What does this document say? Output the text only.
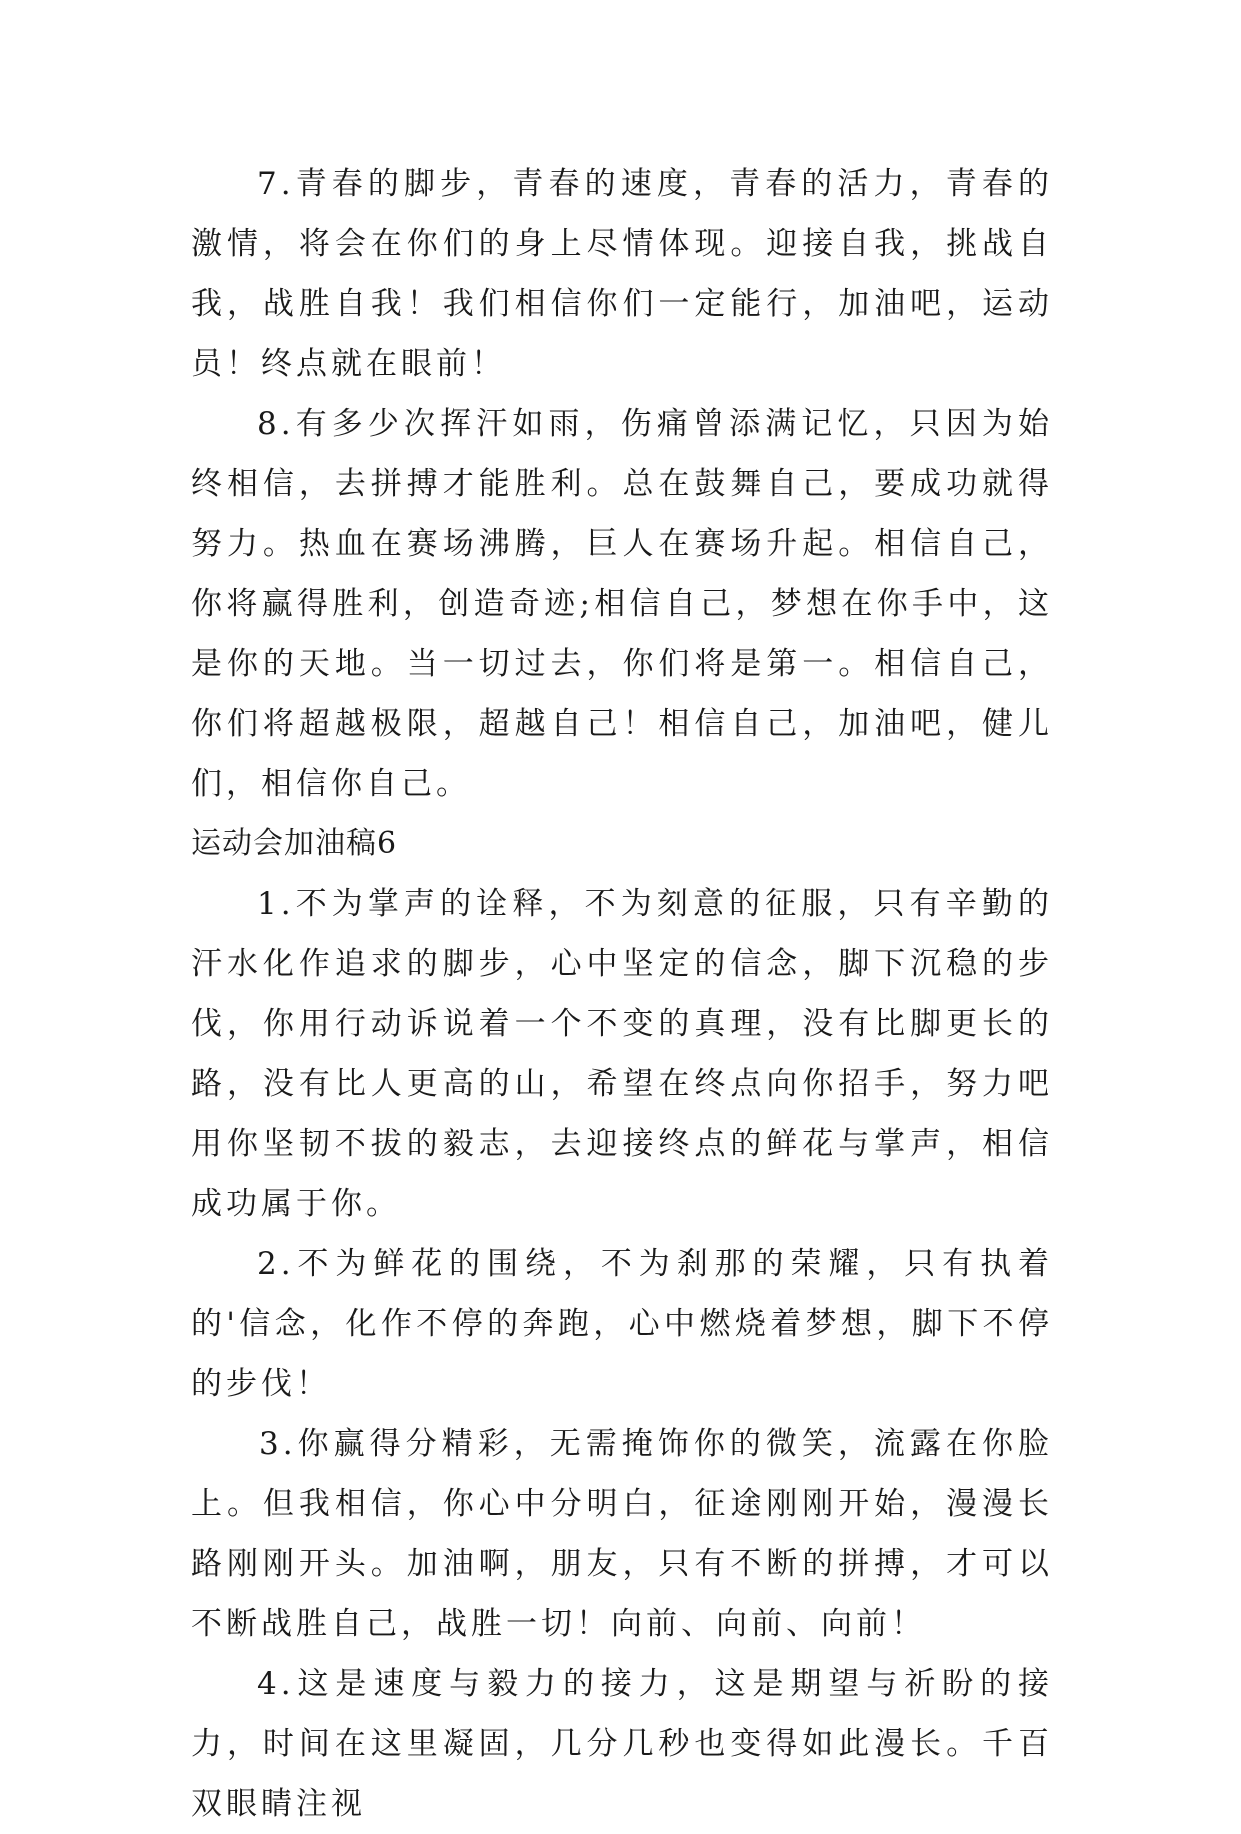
7.青春的脚步，青春的速度，青春的活力，青春的激情，将会在你们的身上尽情体现。迎接自我，挑战自我，战胜自我！我们相信你们一定能行，加油吧，运动员！终点就在眼前！

8.有多少次挥汗如雨，伤痛曾添满记忆，只因为始终相信，去拼搏才能胜利。总在鼓舞自己，要成功就得努力。热血在赛场沸腾，巨人在赛场升起。相信自己，你将赢得胜利，创造奇迹;相信自己，梦想在你手中，这是你的天地。当一切过去，你们将是第一。相信自己，你们将超越极限，超越自己！相信自己，加油吧，健儿们，相信你自己。

运动会加油稿6

1.不为掌声的诠释，不为刻意的征服，只有辛勤的汗水化作追求的脚步，心中坚定的信念，脚下沉稳的步伐，你用行动诉说着一个不变的真理，没有比脚更长的路，没有比人更高的山，希望在终点向你招手，努力吧用你坚韧不拔的毅志，去迎接终点的鲜花与掌声，相信成功属于你。

2.不为鲜花的围绕，不为刹那的荣耀，只有执着的'信念，化作不停的奔跑，心中燃烧着梦想，脚下不停的步伐！

3.你赢得分精彩，无需掩饰你的微笑，流露在你脸上。但我相信，你心中分明白，征途刚刚开始，漫漫长路刚刚开头。加油啊，朋友，只有不断的拼搏，才可以不断战胜自己，战胜一切！向前、向前、向前！

4.这是速度与毅力的接力，这是期望与祈盼的接力，时间在这里凝固，几分几秒也变得如此漫长。千百双眼睛注视
